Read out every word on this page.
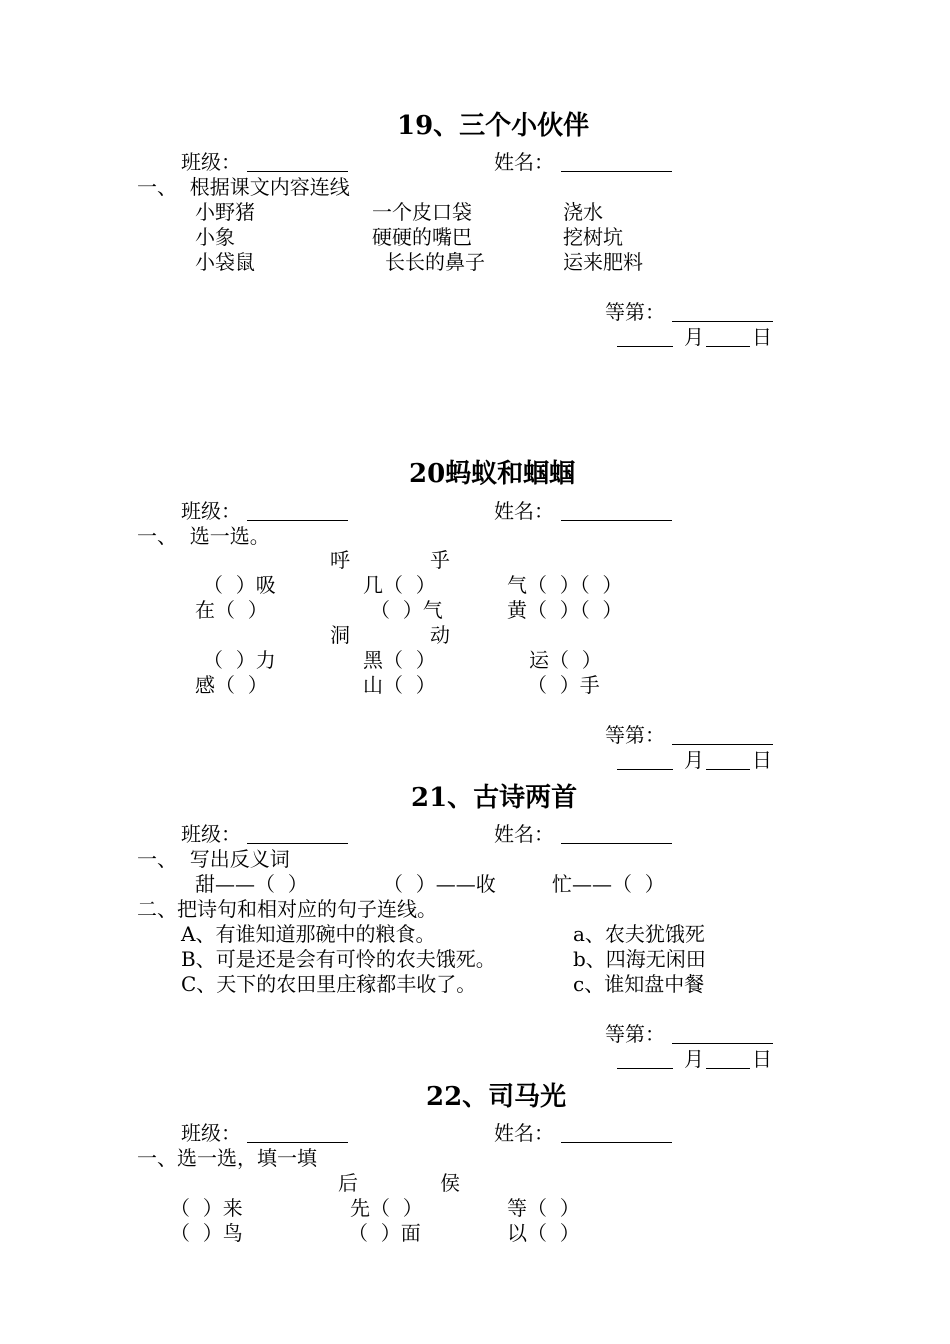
19、三个小伙伴
班级：	姓名：
一、  根据课文内容连线
小野猪	一个皮口袋	浇水
小象	硬硬的嘴巴	挖树坑
小袋鼠	长长的鼻子	运来肥料
等第：
月 日
20蚂蚁和蝈蝈
班级：	姓名：
一、  选一选。
呼	乎
（  ）吸	几（  ）	气（  ）（  ）
在（  ）	（  ）气	黄（  ）（  ）
洞	动
（  ）力	黑（  ）	运（  ）
感（  ）	山（  ）	（  ）手
等第：
月 日
21、古诗两首
班级：	姓名：
一、  写出反义词
甜——（  ）	（  ）——收	忙——（  ）
二、把诗句和相对应的句子连线。
A、有谁知道那碗中的粮食。	a、农夫犹饿死
B、可是还是会有可怜的农夫饿死。	b、四海无闲田
C、天下的农田里庄稼都丰收了。	c、谁知盘中餐
等第：
月 日
22、司马光
班级：	姓名：
一、选一选，填一填
后	侯
（  ）来	先（  ）	等（  ）
（  ）鸟	（  ）面	以（  ）
